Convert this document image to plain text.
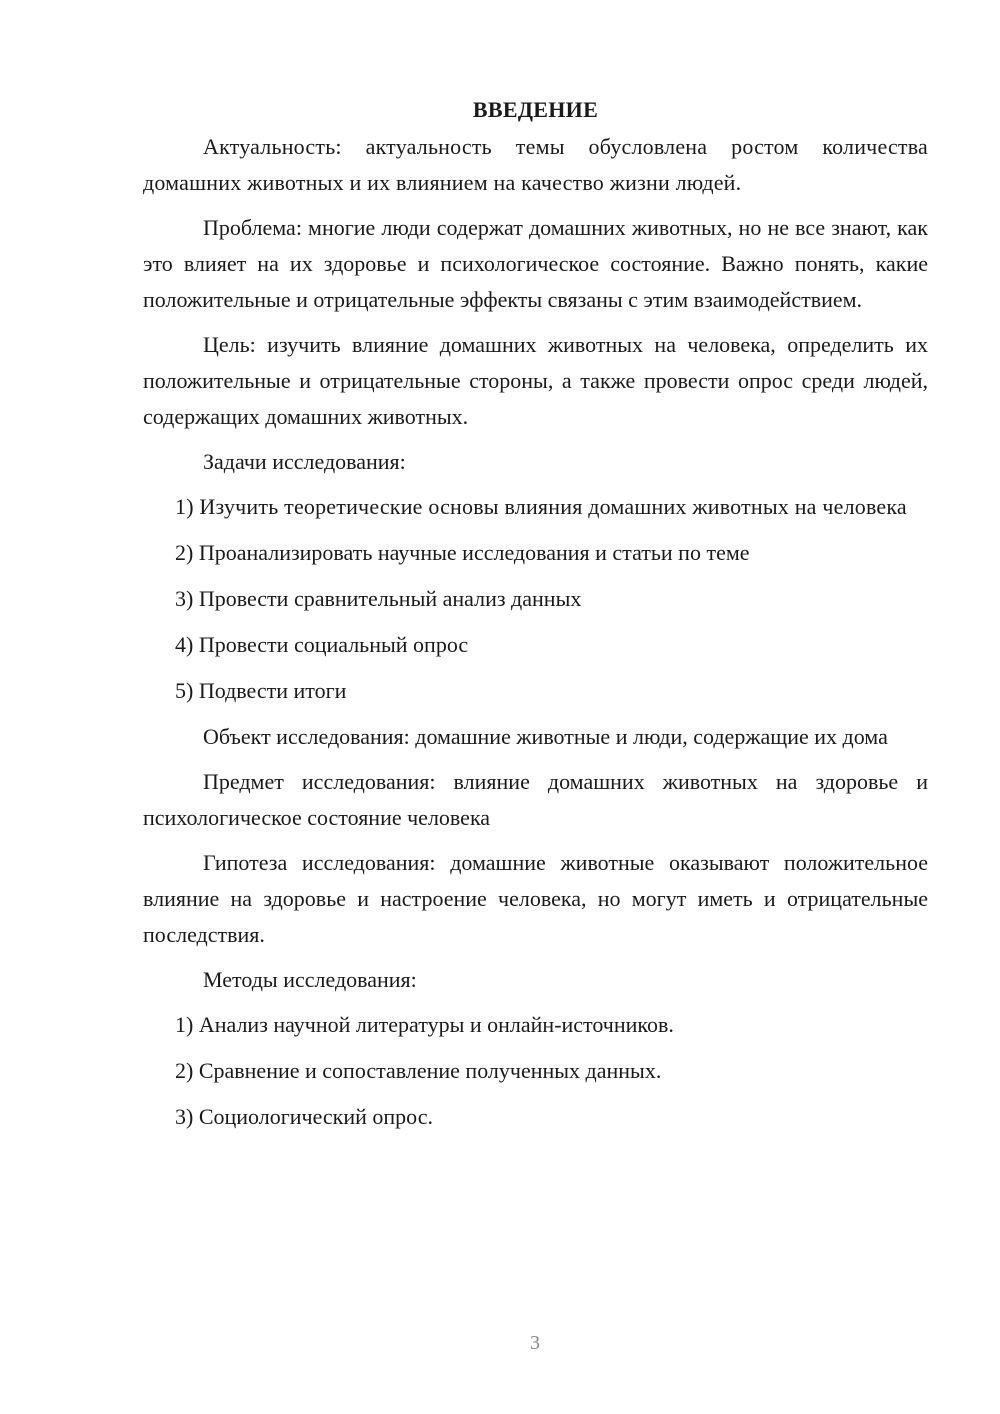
ВВЕДЕНИЕ

Актуальность: актуальность темы обусловлена ростом количества домашних животных и их влиянием на качество жизни людей.

Проблема: многие люди содержат домашних животных, но не все знают, как это влияет на их здоровье и психологическое состояние. Важно понять, какие положительные и отрицательные эффекты связаны с этим взаимодействием.

Цель: изучить влияние домашних животных на человека, определить их положительные и отрицательные стороны, а также провести опрос среди людей, содержащих домашних животных.

Задачи исследования:

1) Изучить теоретические основы влияния домашних животных на человека

2) Проанализировать научные исследования и статьи по теме

3) Провести сравнительный анализ данных

4) Провести социальный опрос

5) Подвести итоги

Объект исследования: домашние животные и люди, содержащие их дома

Предмет исследования: влияние домашних животных на здоровье и психологическое состояние человека

Гипотеза исследования: домашние животные оказывают положительное влияние на здоровье и настроение человека, но могут иметь и отрицательные последствия.

Методы исследования:

1) Анализ научной литературы и онлайн-источников.

2) Сравнение и сопоставление полученных данных.

3) Социологический опрос.

3
